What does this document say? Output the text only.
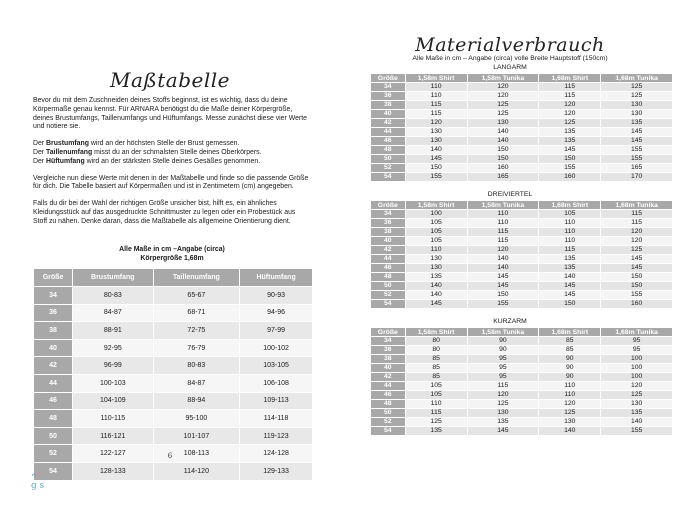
Maßtabelle

Bevor du mit dem Zuschneiden deines Stoffs beginnst, ist es wichtig, dass du deine Körpermaße genau kennst. Für ARNARA benötigst du die Maße deiner Körpergröße, deines Brustumfangs, Taillenumfangs und Hüftumfangs. Messe zunächst diese vier Werte und notiere sie.

Der Brustumfang wird an der höchsten Stelle der Brust gemessen.
Der Taillenumfang misst du an der schmalsten Stelle deines Oberkörpers.
Der Hüftumfang wird an der stärksten Stelle deines Gesäßes genommen.

Vergleiche nun diese Werte mit denen in der Maßtabelle und finde so die passende Größe für dich. Die Tabelle basiert auf Körpermaßen und ist in Zentimetern (cm) angegeben.

Falls du dir bei der Wahl der richtigen Größe unsicher bist, hilft es, ein ähnliches Kleidungsstück auf das ausgedruckte Schnittmuster zu legen oder ein Probestück aus Stoff zu nähen. Denke daran, dass die Maßtabelle als allgemeine Orientierung dient.

Alle Maße in cm –Angabe (circa)
Körpergröße 1,68m
Größe	Brustumfang	Taillenumfang	Hüftumfang
34	80-83	65-67	90-93
36	84-87	68-71	94-96
38	88-91	72-75	97-99
40	92-95	76-79	100-102
42	96-99	80-83	103-105
44	100-103	84-87	106-108
46	104-109	88-94	109-113
48	110-115	95-100	114-118
50	116-121	101-107	119-123
52	122-127	108-113	124-128
54	128-133	114-120	129-133
6
g s
Materialverbrauch
Alle Maße in cm – Angabe (circa) volle Breite Hauptstoff (150cm)
LANGARM
Größe	1,58m Shirt	1,58m Tunika	1,68m Shirt	1,68m Tunika
34	110	120	115	125
36	110	120	115	125
38	115	125	120	130
40	115	125	120	130
42	120	130	125	135
44	130	140	135	145
46	130	140	135	145
48	140	150	145	155
50	145	150	150	155
52	150	160	155	165
54	155	165	160	170
DREIVIERTEL
Größe	1,58m Shirt	1,58m Tunika	1,68m Shirt	1,68m Tunika
34	100	110	105	115
36	105	110	110	115
38	105	115	110	120
40	105	115	110	120
42	110	120	115	125
44	130	140	135	145
46	130	140	135	145
48	135	145	140	150
50	140	145	145	150
52	140	150	145	155
54	145	155	150	160
KURZARM
Größe	1,58m Shirt	1,58m Tunika	1,68m Shirt	1,68m Tunika
34	80	90	85	95
36	80	90	85	95
38	85	95	90	100
40	85	95	90	100
42	85	95	90	100
44	105	115	110	120
46	105	120	110	125
48	110	125	120	130
50	115	130	125	135
52	125	135	130	140
54	135	145	140	155
